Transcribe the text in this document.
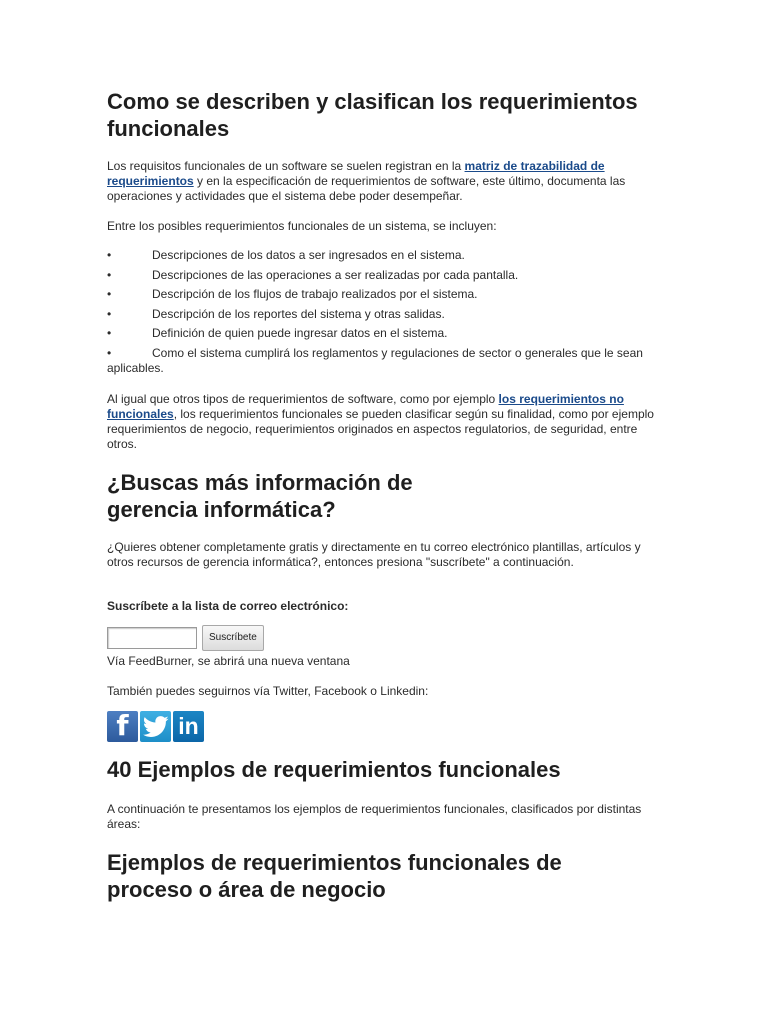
Como se describen y clasifican los requerimientos funcionales

Los requisitos funcionales de un software se suelen registran en la matriz de trazabilidad de requerimientos y en la especificación de requerimientos de software, este último, documenta las operaciones y actividades que el sistema debe poder desempeñar.

Entre los posibles requerimientos funcionales de un sistema, se incluyen:

•	Descripciones de los datos a ser ingresados en el sistema.
•	Descripciones de las operaciones a ser realizadas por cada pantalla.
•	Descripción de los flujos de trabajo realizados por el sistema.
•	Descripción de los reportes del sistema y otras salidas.
•	Definición de quien puede ingresar datos en el sistema.
•	Como el sistema cumplirá los reglamentos y regulaciones de sector o generales que le sean aplicables.

Al igual que otros tipos de requerimientos de software, como por ejemplo los requerimientos no funcionales, los requerimientos funcionales se pueden clasificar según su finalidad, como por ejemplo requerimientos de negocio, requerimientos originados en aspectos regulatorios, de seguridad, entre otros.

¿Buscas más información de gerencia informática?

¿Quieres obtener completamente gratis y directamente en tu correo electrónico plantillas, artículos y otros recursos de gerencia informática?, entonces presiona "suscríbete" a continuación.

Suscríbete a la lista de correo electrónico:

Suscríbete

Vía FeedBurner, se abrirá una nueva ventana

También puedes seguirnos vía Twitter, Facebook o Linkedin:

f	in
40 Ejemplos de requerimientos funcionales

A continuación te presentamos los ejemplos de requerimientos funcionales, clasificados por distintas áreas:

Ejemplos de requerimientos funcionales de proceso o área de negocio
